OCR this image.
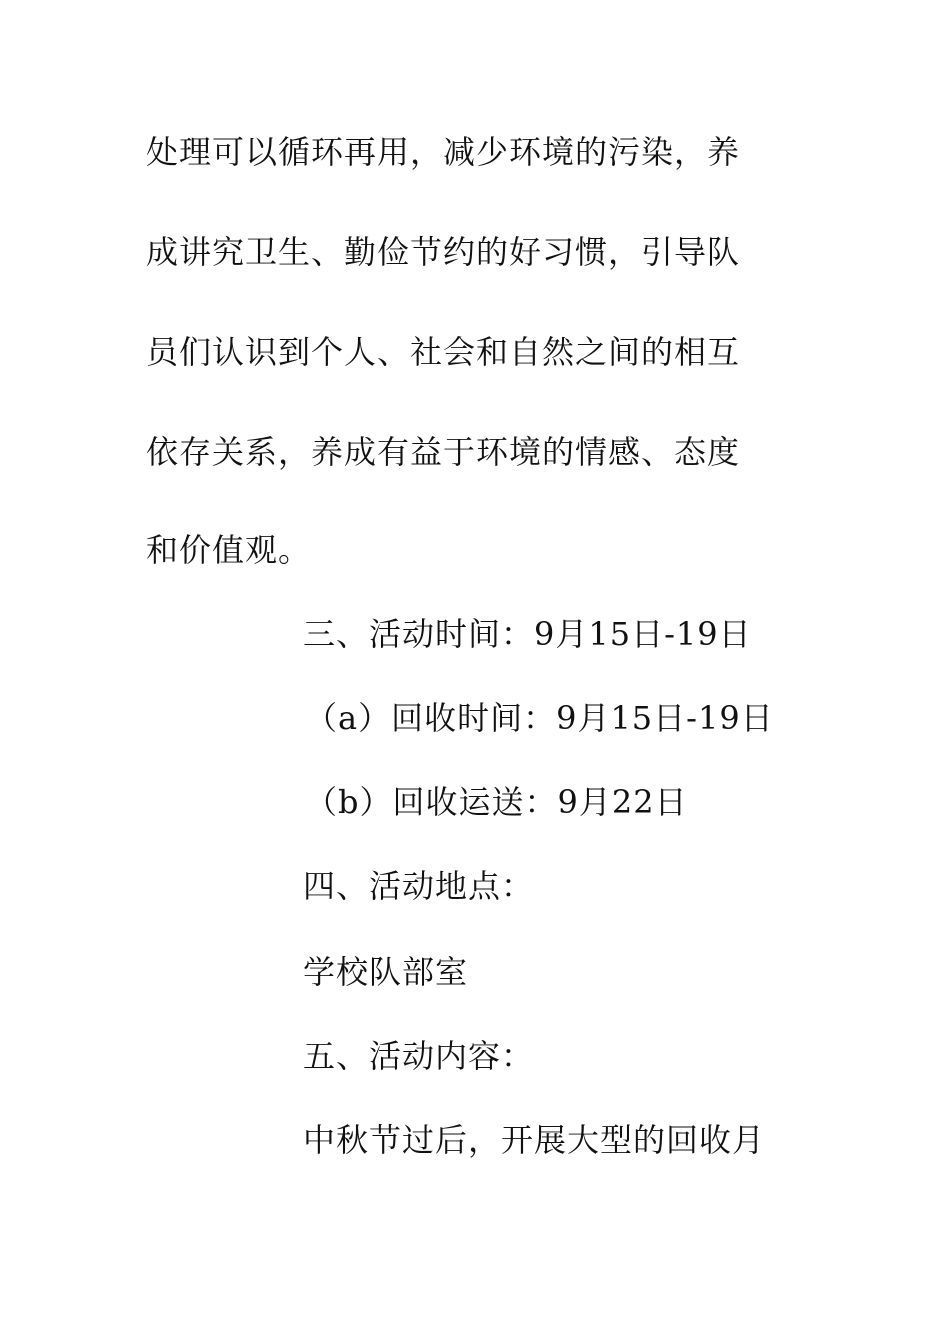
处理可以循环再用，减少环境的污染，养
成讲究卫生、勤俭节约的好习惯，引导队
员们认识到个人、社会和自然之间的相互
依存关系，养成有益于环境的情感、态度
和价值观。
三、活动时间：9月15日-19日
（a）回收时间：9月15日-19日
（b）回收运送：9月22日
四、活动地点：
学校队部室
五、活动内容：
中秋节过后，开展大型的回收月
